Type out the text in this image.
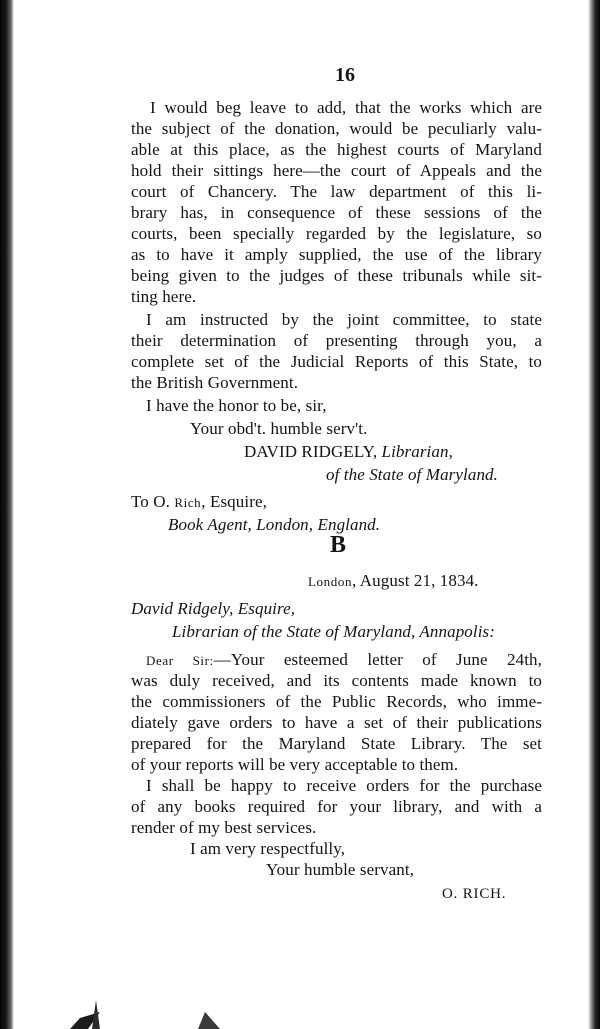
16
I would beg leave to add, that the works which are
the subject of the donation, would be peculiarly valu-
able at this place, as the highest courts of Maryland
hold their sittings here—the court of Appeals and the
court of Chancery. The law department of this li-
brary has, in consequence of these sessions of the
courts, been specially regarded by the legislature, so
as to have it amply supplied, the use of the library
being given to the judges of these tribunals while sit-
ting here.
I am instructed by the joint committee, to state
their determination of presenting through you, a
complete set of the Judicial Reports of this State, to
the British Government.
I have the honor to be, sir,
Your obd't. humble serv't.
DAVID RIDGELY, Librarian,
of the State of Maryland.
To O. Rich, Esquire,
Book Agent, London, England.
B
London, August 21, 1834.
David Ridgely, Esquire,
Librarian of the State of Maryland, Annapolis:
Dear Sir:—Your esteemed letter of June 24th,
was duly received, and its contents made known to
the commissioners of the Public Records, who imme-
diately gave orders to have a set of their publications
prepared for the Maryland State Library. The set
of your reports will be very acceptable to them.
I shall be happy to receive orders for the purchase
of any books required for your library, and with a
render of my best services.
I am very respectfully,
Your humble servant,
O. RICH.
